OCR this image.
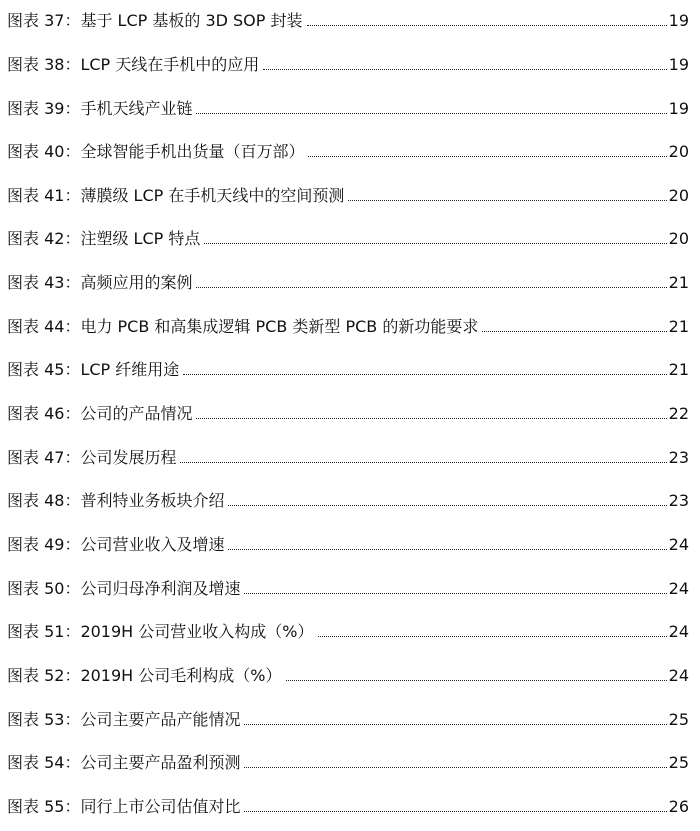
图表 37：基于 LCP 基板的 3D SOP 封装	19
图表 38：LCP 天线在手机中的应用	19
图表 39：手机天线产业链	19
图表 40：全球智能手机出货量（百万部）	20
图表 41：薄膜级 LCP 在手机天线中的空间预测	20
图表 42：注塑级 LCP 特点	20
图表 43：高频应用的案例	21
图表 44：电力 PCB 和高集成逻辑 PCB 类新型 PCB 的新功能要求	21
图表 45：LCP 纤维用途	21
图表 46：公司的产品情况	22
图表 47：公司发展历程	23
图表 48：普利特业务板块介绍	23
图表 49：公司营业收入及增速	24
图表 50：公司归母净利润及增速	24
图表 51：2019H 公司营业收入构成（%）	24
图表 52：2019H 公司毛利构成（%）	24
图表 53：公司主要产品产能情况	25
图表 54：公司主要产品盈利预测	25
图表 55：同行上市公司估值对比	26
